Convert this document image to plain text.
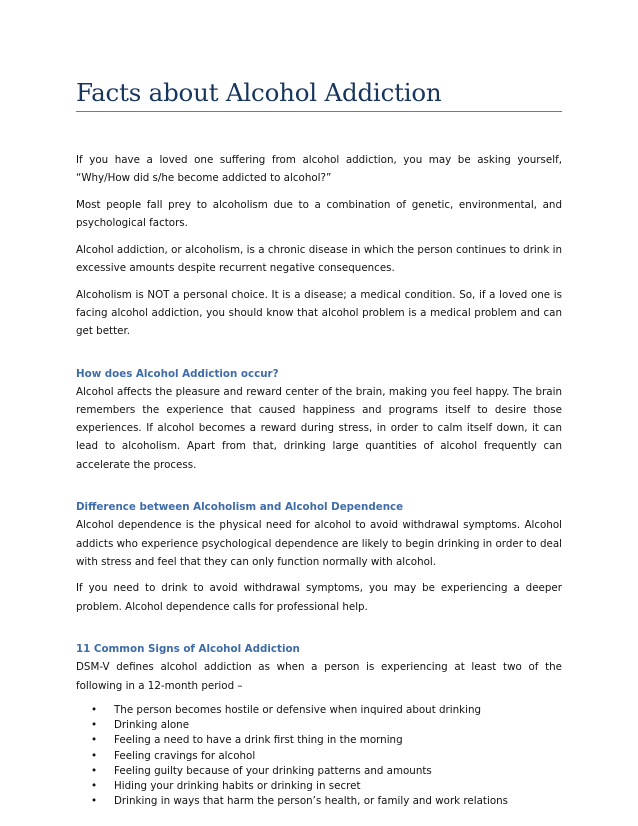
Facts about Alcohol Addiction

If you have a loved one suffering from alcohol addiction, you may be asking yourself, “Why/How did s/he become addicted to alcohol?”

Most people fall prey to alcoholism due to a combination of genetic, environmental, and psychological factors.

Alcohol addiction, or alcoholism, is a chronic disease in which the person continues to drink in excessive amounts despite recurrent negative consequences.

Alcoholism is NOT a personal choice. It is a disease; a medical condition. So, if a loved one is facing alcohol addiction, you should know that alcohol problem is a medical problem and can get better.

How does Alcohol Addiction occur?

Alcohol affects the pleasure and reward center of the brain, making you feel happy. The brain remembers the experience that caused happiness and programs itself to desire those experiences. If alcohol becomes a reward during stress, in order to calm itself down, it can lead to alcoholism. Apart from that, drinking large quantities of alcohol frequently can accelerate the process.

Difference between Alcoholism and Alcohol Dependence

Alcohol dependence is the physical need for alcohol to avoid withdrawal symptoms. Alcohol addicts who experience psychological dependence are likely to begin drinking in order to deal with stress and feel that they can only function normally with alcohol.

If you need to drink to avoid withdrawal symptoms, you may be experiencing a deeper problem. Alcohol dependence calls for professional help.

11 Common Signs of Alcohol Addiction

DSM-V defines alcohol addiction as when a person is experiencing at least two of the following in a 12-month period –

• The person becomes hostile or defensive when inquired about drinking
• Drinking alone
• Feeling a need to have a drink first thing in the morning
• Feeling cravings for alcohol
• Feeling guilty because of your drinking patterns and amounts
• Hiding your drinking habits or drinking in secret
• Drinking in ways that harm the person’s health, or family and work relations
